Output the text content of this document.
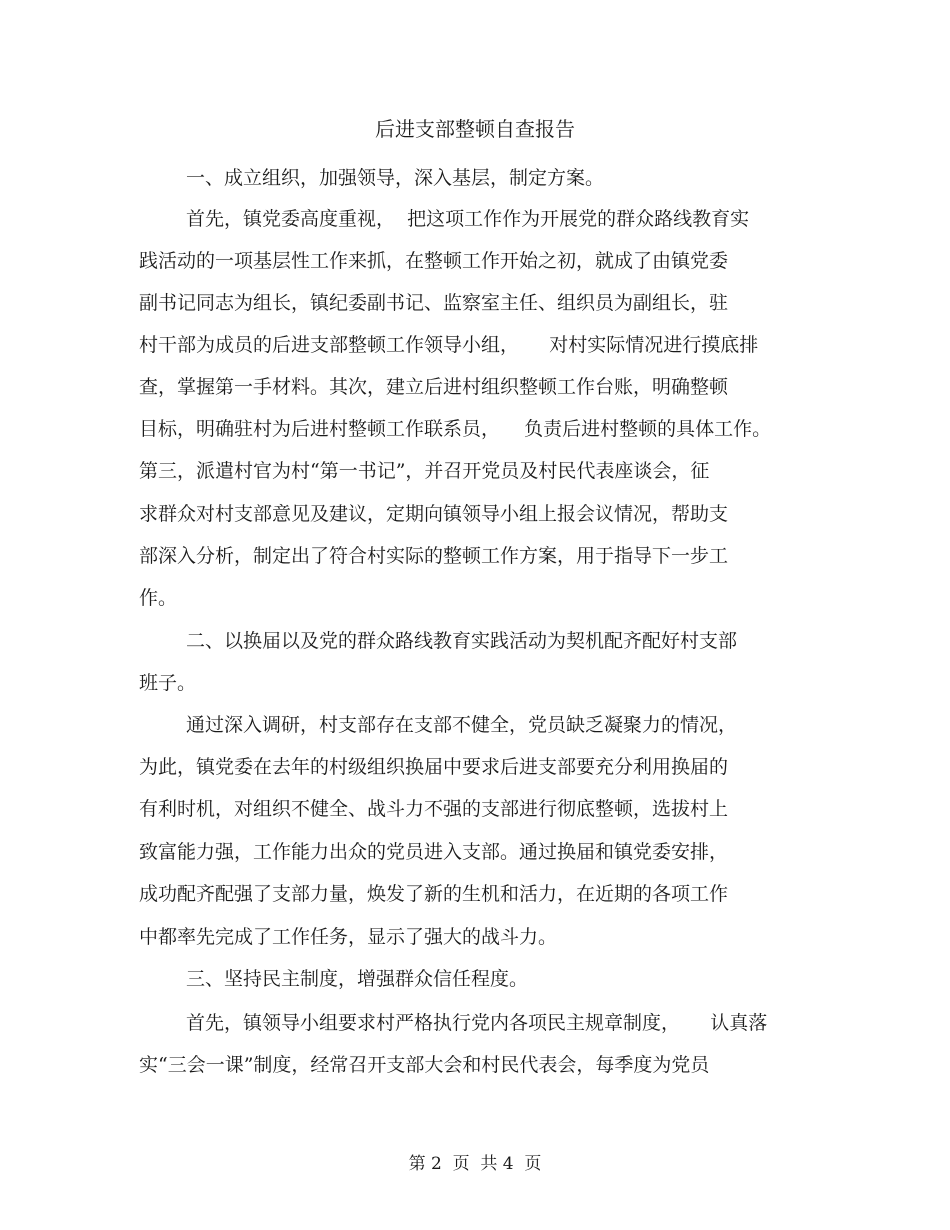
后进支部整顿自查报告
一、成立组织，加强领导，深入基层，制定方案。
首先，镇党委高度重视，  把这项工作作为开展党的群众路线教育实
践活动的一项基层性工作来抓，在整顿工作开始之初，就成了由镇党委
副书记同志为组长，镇纪委副书记、监察室主任、组织员为副组长，驻
村干部为成员的后进支部整顿工作领导小组，     对村实际情况进行摸底排
查，掌握第一手材料。其次，建立后进村组织整顿工作台账，明确整顿
目标，明确驻村为后进村整顿工作联系员，    负责后进村整顿的具体工作。
第三，派遣村官为村“第一书记”，并召开党员及村民代表座谈会，征
求群众对村支部意见及建议，定期向镇领导小组上报会议情况，帮助支
部深入分析，制定出了符合村实际的整顿工作方案，用于指导下一步工
作。
二、以换届以及党的群众路线教育实践活动为契机配齐配好村支部
班子。
通过深入调研，村支部存在支部不健全，党员缺乏凝聚力的情况，
为此，镇党委在去年的村级组织换届中要求后进支部要充分利用换届的
有利时机，对组织不健全、战斗力不强的支部进行彻底整顿，选拔村上
致富能力强，工作能力出众的党员进入支部。通过换届和镇党委安排，
成功配齐配强了支部力量，焕发了新的生机和活力，在近期的各项工作
中都率先完成了工作任务，显示了强大的战斗力。
三、坚持民主制度，增强群众信任程度。
首先，镇领导小组要求村严格执行党内各项民主规章制度，     认真落
实“三会一课”制度，经常召开支部大会和村民代表会，每季度为党员
第 2  页  共 4  页
